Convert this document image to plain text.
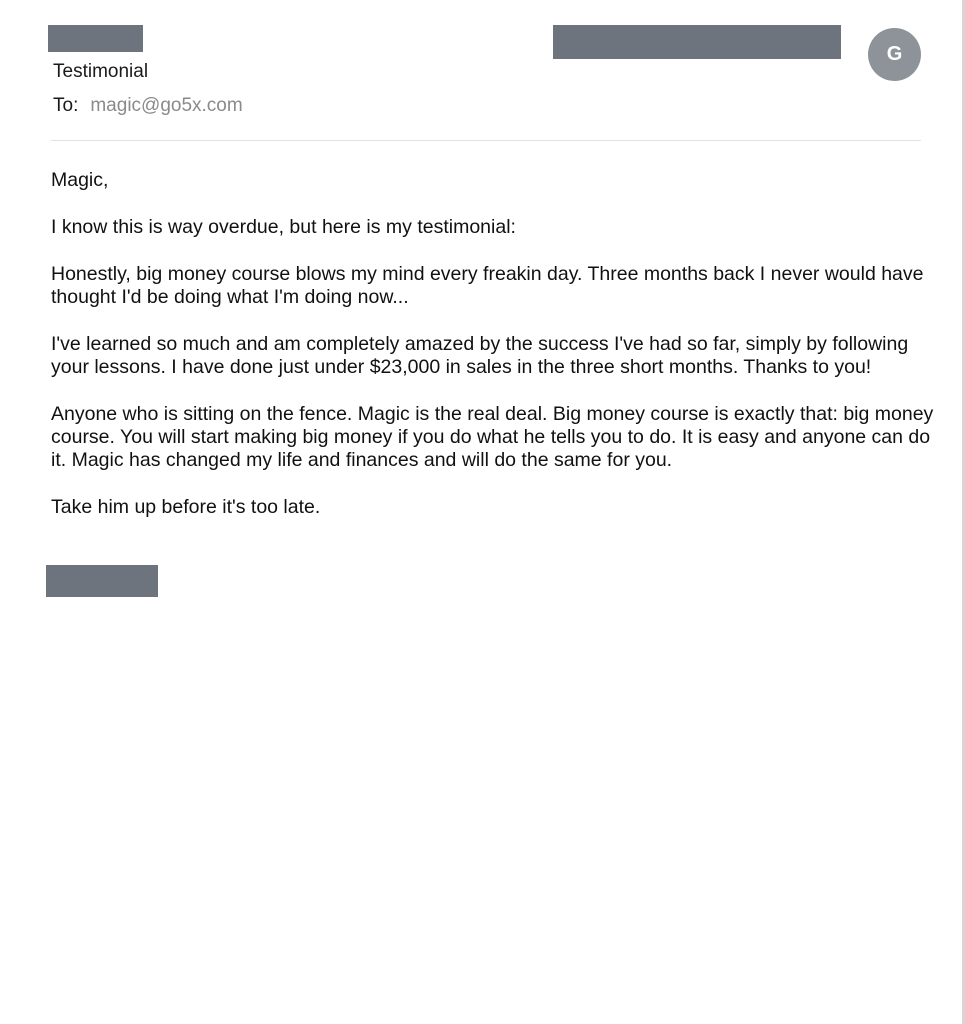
G
Testimonial
To: magic@go5x.com

Magic,

I know this is way overdue, but here is my testimonial:

Honestly, big money course blows my mind every freakin day. Three months back I never would have thought I'd be doing what I'm doing now...

I've learned so much and am completely amazed by the success I've had so far, simply by following your lessons. I have done just under $23,000 in sales in the three short months. Thanks to you!

Anyone who is sitting on the fence. Magic is the real deal. Big money course is exactly that: big money course. You will start making big money if you do what he tells you to do. It is easy and anyone can do it. Magic has changed my life and finances and will do the same for you.

Take him up before it's too late.
